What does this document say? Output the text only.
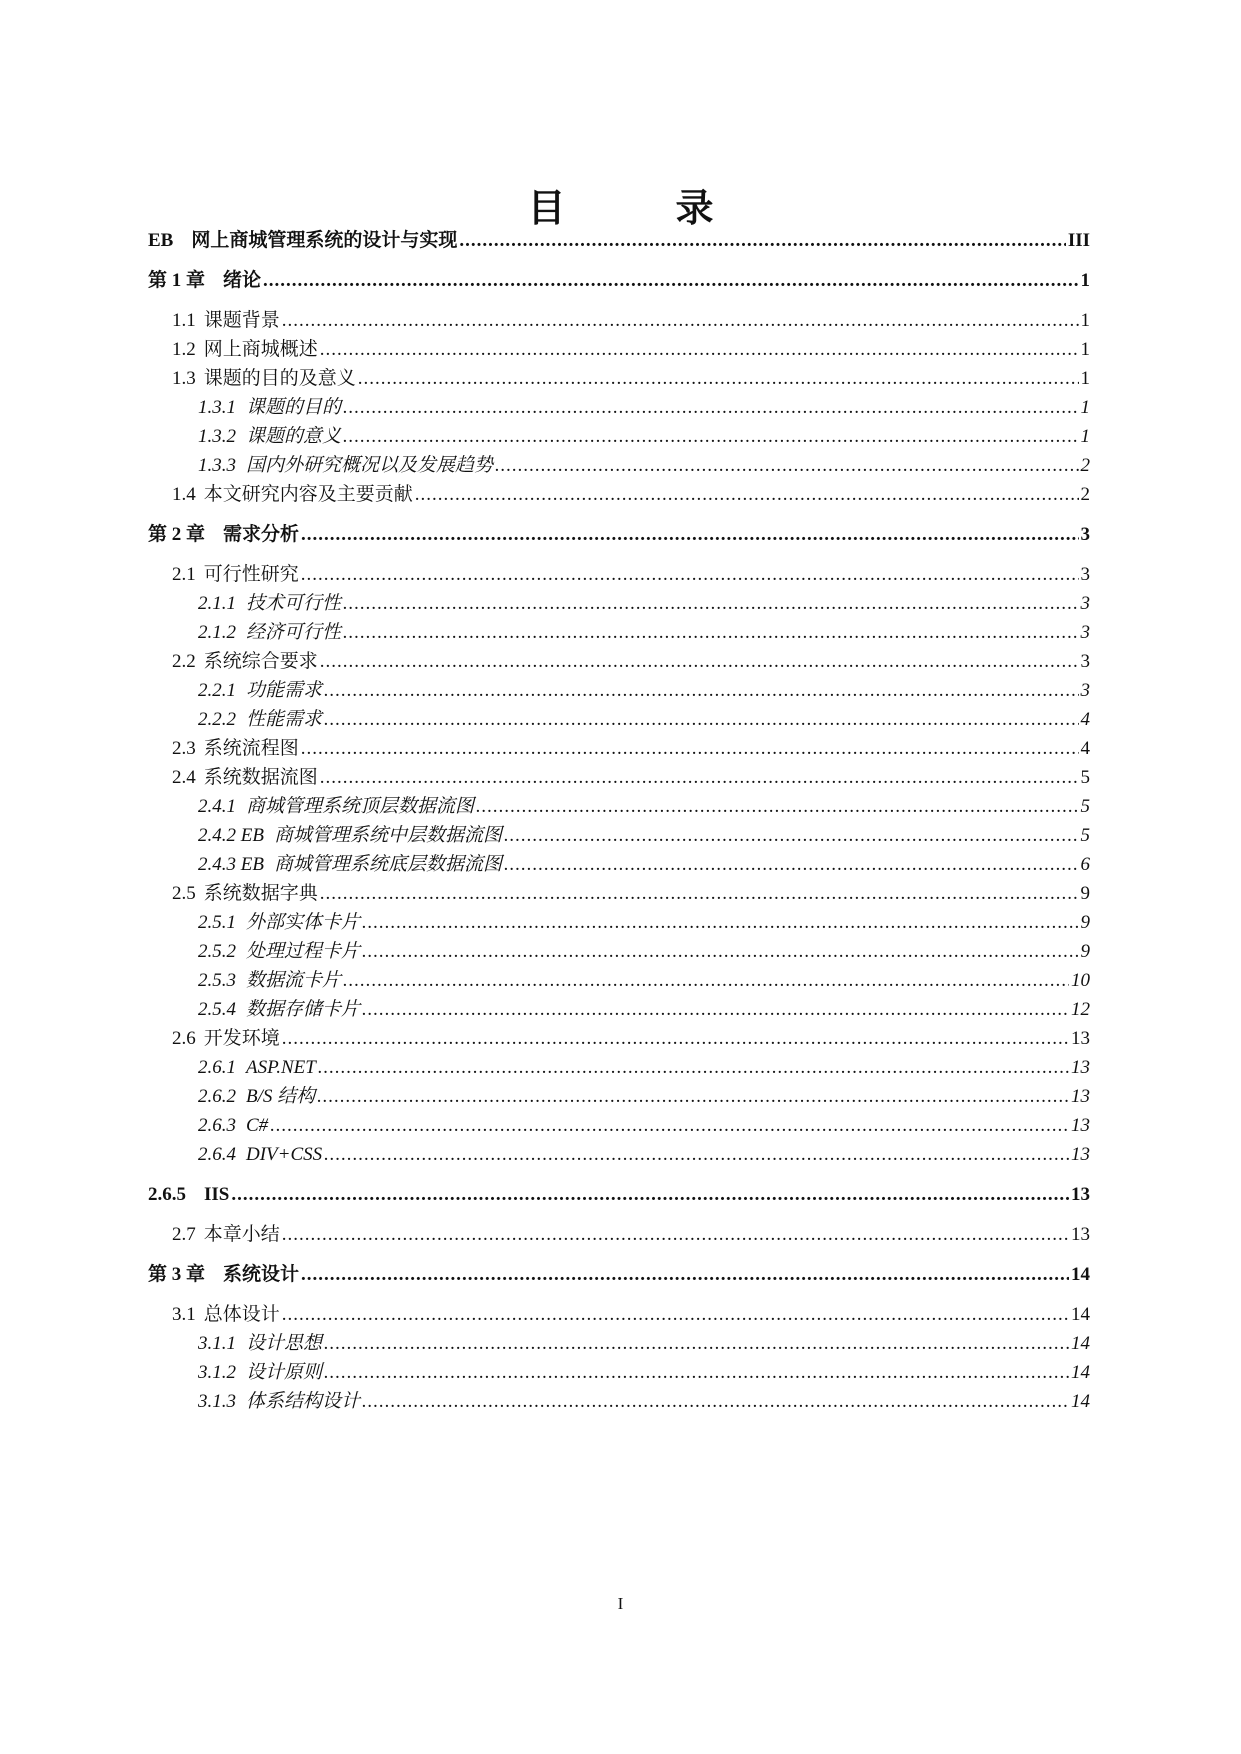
目　录
EB 网上商城管理系统的设计与实现 .....	III
第 1 章 绪论 .....	1
1.1 课题背景 .....	1
1.2 网上商城概述 .....	1
1.3 课题的目的及意义 .....	1
1.3.1 课题的目的 .....	1
1.3.2 课题的意义 .....	1
1.3.3 国内外研究概况以及发展趋势 .....	2
1.4 本文研究内容及主要贡献 .....	2
第 2 章 需求分析 .....	3
2.1 可行性研究 .....	3
2.1.1 技术可行性 .....	3
2.1.2 经济可行性 .....	3
2.2 系统综合要求 .....	3
2.2.1 功能需求 .....	3
2.2.2 性能需求 .....	4
2.3 系统流程图 .....	4
2.4 系统数据流图 .....	5
2.4.1 商城管理系统顶层数据流图 .....	5
2.4.2 EB 商城管理系统中层数据流图 .....	5
2.4.3 EB 商城管理系统底层数据流图 .....	6
2.5 系统数据字典 .....	9
2.5.1 外部实体卡片 .....	9
2.5.2 处理过程卡片 .....	9
2.5.3 数据流卡片 .....	10
2.5.4 数据存储卡片 .....	12
2.6 开发环境 .....	13
2.6.1 ASP.NET .....	13
2.6.2 B/S 结构 .....	13
2.6.3 C# .....	13
2.6.4 DIV+CSS .....	13
2.6.5 IIS .....	13
2.7 本章小结 .....	13
第 3 章 系统设计 .....	14
3.1 总体设计 .....	14
3.1.1 设计思想 .....	14
3.1.2 设计原则 .....	14
3.1.3 体系结构设计 .....	14
I
